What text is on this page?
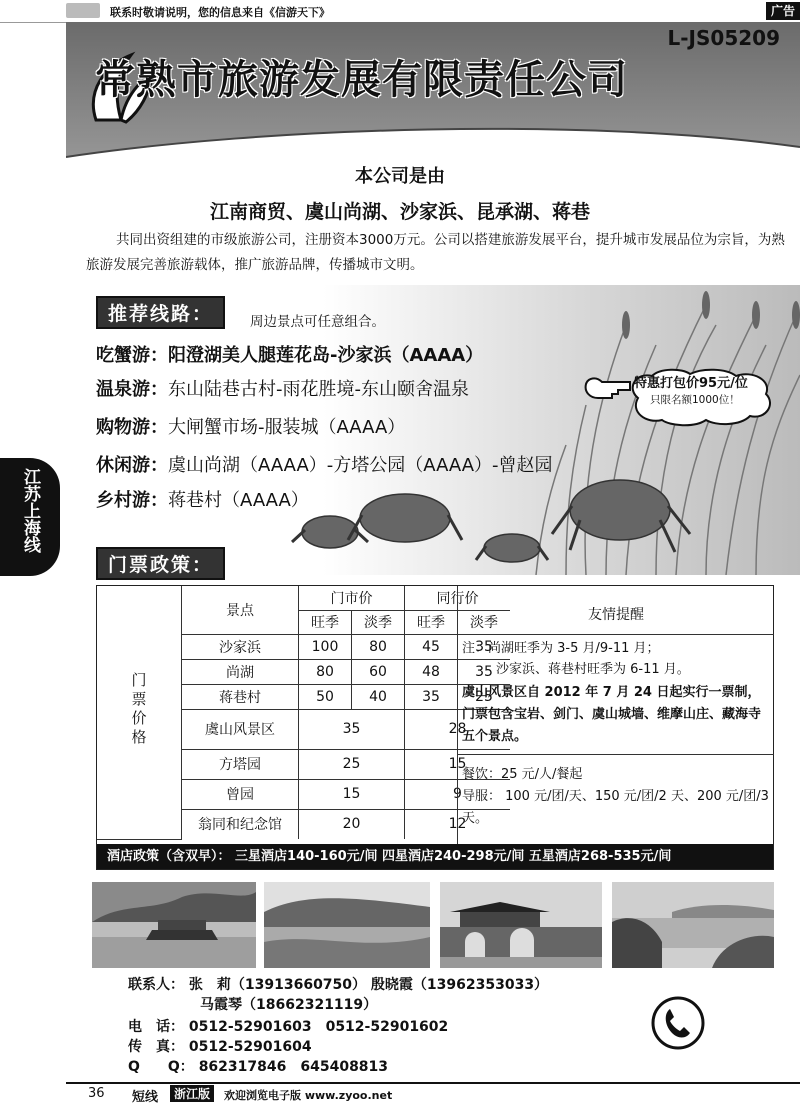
联系时敬请说明，您的信息来自《信游天下》	广告
L-JS05209
常熟市旅游发展有限责任公司
本公司是由
江南商贸、虞山尚湖、沙家浜、昆承湖、蒋巷
共同出资组建的市级旅游公司，注册资本3000万元。公司以搭建旅游发展平台，提升城市发展品位为宗旨，为熟旅游发展完善旅游载体，推广旅游品牌，传播城市文明。
推荐线路：	周边景点可任意组合。
吃蟹游：阳澄湖美人腿莲花岛-沙家浜（AAAA）
温泉游：东山陆巷古村-雨花胜境-东山颐舍温泉
购物游：大闸蟹市场-服装城（AAAA）
休闲游：虞山尚湖（AAAA）-方塔公园（AAAA）-曾赵园
乡村游：蒋巷村（AAAA）
特惠打包价95元/位
只限名额1000位！
江苏上海线
门票政策：
门票价格	景点	门市价		同行价	
		旺季	淡季	旺季	淡季
	沙家浜	100	80	45	35
	尚湖	80	60	48	35
	蒋巷村	50	40	35	25
	虞山风景区	35		28	
	方塔园	25		15	
	曾园	15		9	
	翁同和纪念馆	20		12	
友情提醒
注：尚湖旺季为 3-5 月/9-11 月；
沙家浜、蒋巷村旺季为 6-11 月。
虞山风景区自 2012 年 7 月 24 日起实行一票制，门票包含宝岩、剑门、虞山城墙、维摩山庄、藏海寺五个景点。
餐饮：25 元/人/餐起
导服： 100 元/团/天、150 元/团/2 天、200 元/团/3 天。
酒店政策（含双早）： 三星酒店140-160元/间 四星酒店240-298元/间 五星酒店268-535元/间
联系人： 张　莉（13913660750） 殷晓霞（13962353033）
马霞琴（18662321119）
电　话： 0512-52901603　0512-52901602
传　真： 0512-52901604
Q　　Q： 862317846　645408813
36 短线	浙江版	欢迎浏览电子版 www.zyoo.net
